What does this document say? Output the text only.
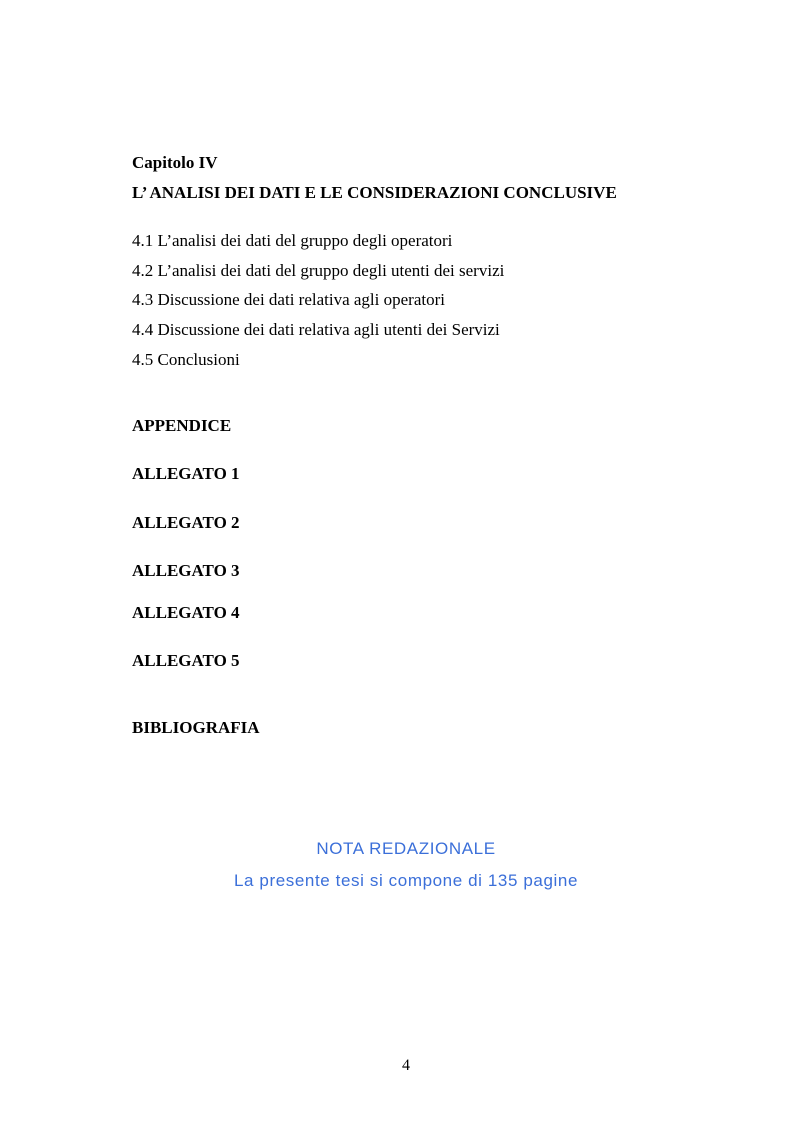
Capitolo IV
L’ ANALISI DEI DATI E LE CONSIDERAZIONI CONCLUSIVE
4.1 L’analisi dei dati del gruppo degli operatori
4.2 L’analisi dei dati del gruppo degli utenti dei servizi
4.3 Discussione dei dati relativa agli operatori
4.4 Discussione dei dati relativa agli utenti dei Servizi
4.5 Conclusioni
APPENDICE
ALLEGATO 1
ALLEGATO 2
ALLEGATO 3
ALLEGATO 4
ALLEGATO 5
BIBLIOGRAFIA
NOTA REDAZIONALE
La presente tesi si compone di 135 pagine
4
